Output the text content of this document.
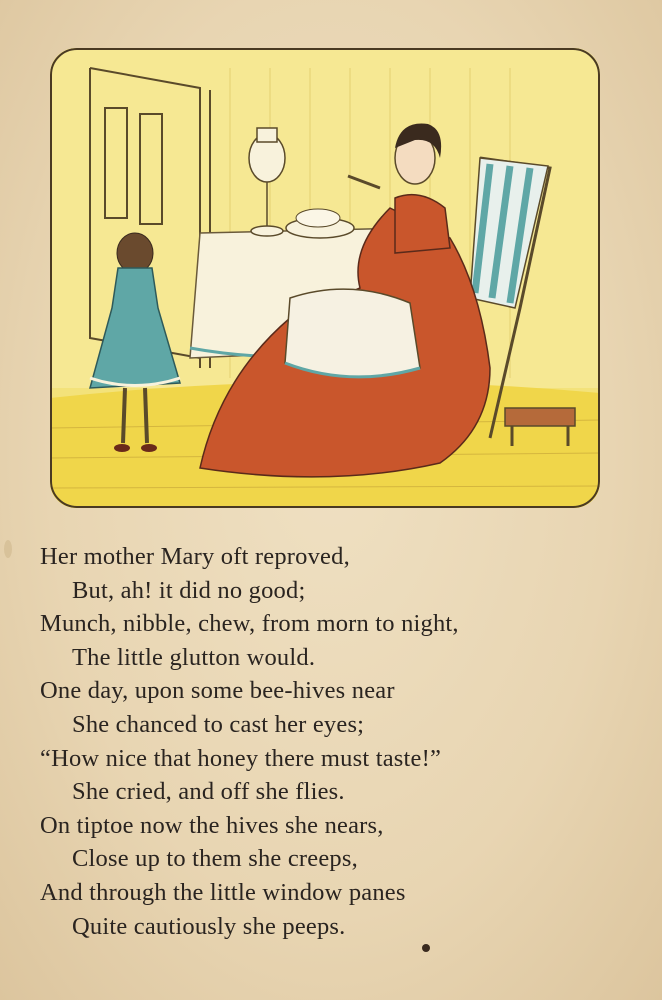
Her mother Mary oft reproved,
But, ah! it did no good;
Munch, nibble, chew, from morn to night,
The little glutton would.
One day, upon some bee-hives near
She chanced to cast her eyes;
“How nice that honey there must taste!”
She cried, and off she flies.
On tiptoe now the hives she nears,
Close up to them she creeps,
And through the little window panes
Quite cautiously she peeps.
